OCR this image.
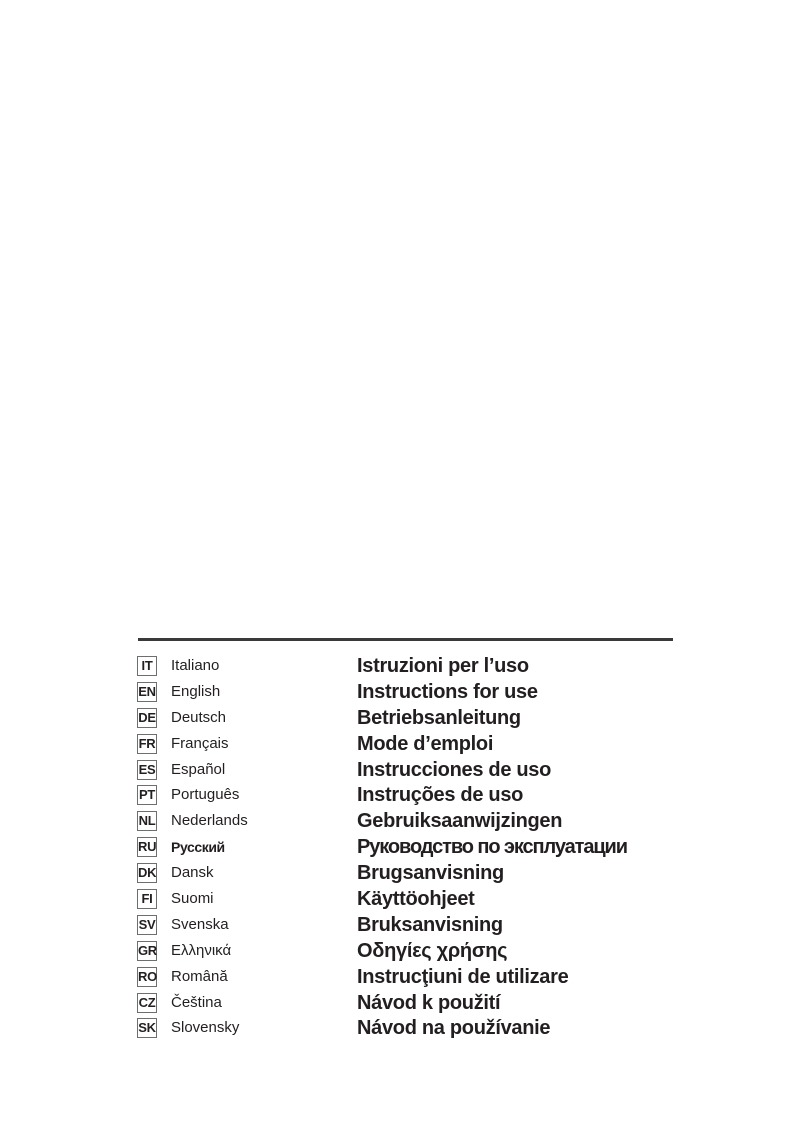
IT	Italiano	Istruzioni per l’uso
EN English	Instructions for use
DE Deutsch	Betriebsanleitung
FR Français	Mode d’emploi
ES Español	Instrucciones de uso
PT Português	Instruções de uso
NL Nederlands	Gebruiksaanwijzingen
RU Русский	Руководство по эксплуатации
DK Dansk	Brugsanvisning
FI	Suomi	Käyttöohjeet
SV Svenska	Bruksanvisning
GR Ελληνικά	Οδηγίες χρήσης
RO Română	Instrucţiuni de utilizare
CZ Čeština	Návod k použití
SK Slovensky	Návod na používanie
